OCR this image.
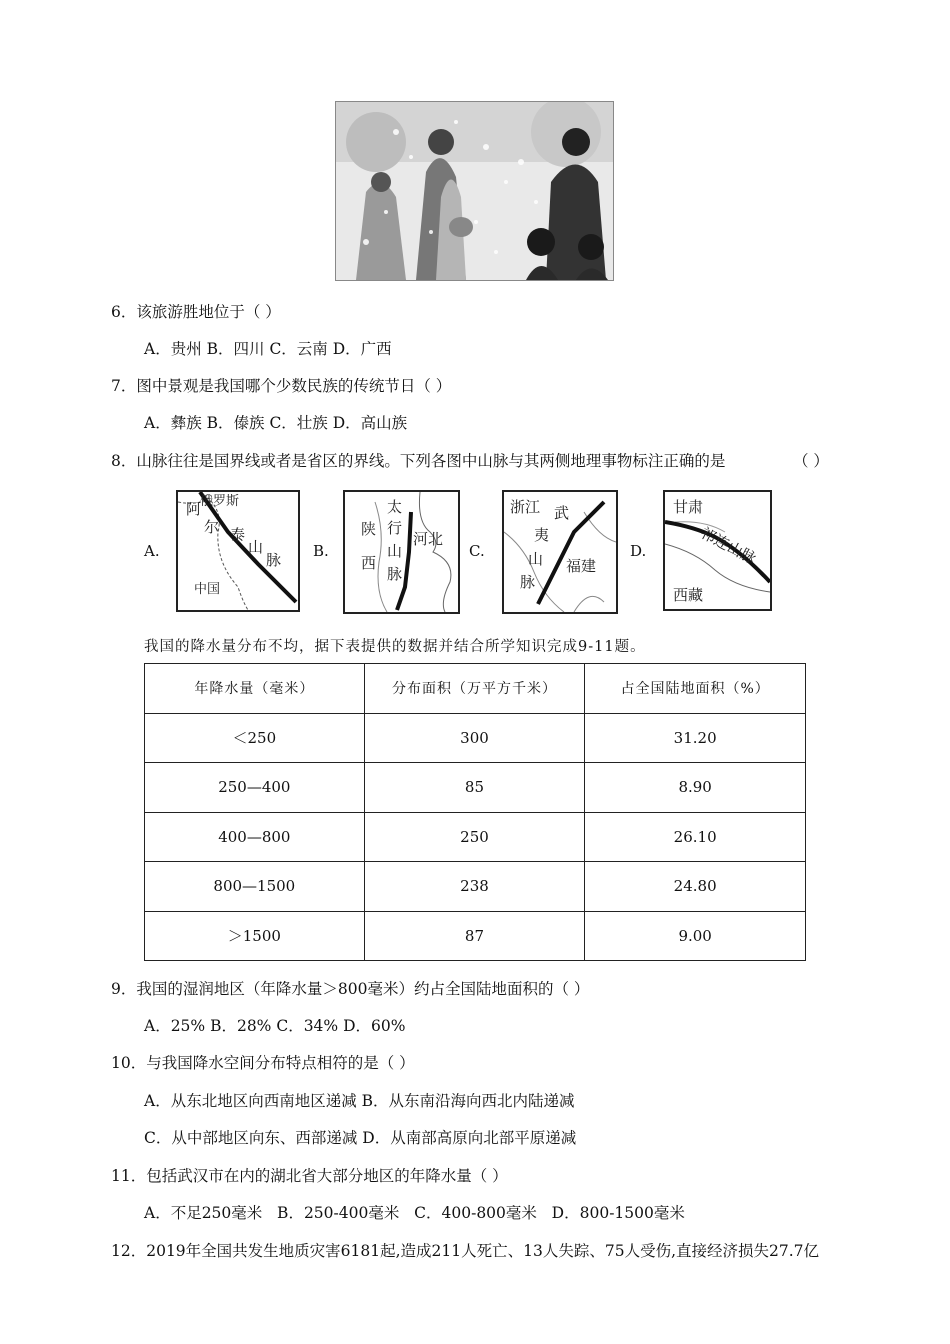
6．该旅游胜地位于（ ）
A．贵州 B．四川 C．云南 D．广西
7．图中景观是我国哪个少数民族的传统节日（ ）
A．彝族 B．傣族 C．壮族 D．高山族
8．山脉往往是国界线或者是省区的界线。下列各图中山脉与其两侧地理事物标注正确的是	（ ）
A.	B.	C.	D.
俄罗斯
阿
尔 泰
山
脉
中国
陕
西
太
行
山
脉
河北
浙江 武
夷
山
脉
福建
甘肃
祁连山脉
西藏
我国的降水量分布不均，据下表提供的数据并结合所学知识完成9-11题。
年降水量（毫米）	分布面积（万平方千米）	占全国陆地面积（%）
＜250	300	31.20
250—400	85	8.90
400—800	250	26.10
800—1500	238	24.80
＞1500	87	9.00
9．我国的湿润地区（年降水量＞800毫米）约占全国陆地面积的（ ）
A．25% B．28% C．34% D．60%
10．与我国降水空间分布特点相符的是（ ）
A．从东北地区向西南地区递减 B．从东南沿海向西北内陆递减
C．从中部地区向东、西部递减 D．从南部高原向北部平原递减
11．包括武汉市在内的湖北省大部分地区的年降水量（ ）
A．不足250毫米   B．250-400毫米   C．400-800毫米   D．800-1500毫米
12．2019年全国共发生地质灾害6181起,造成211人死亡、13人失踪、75人受伤,直接经济损失27.7亿
